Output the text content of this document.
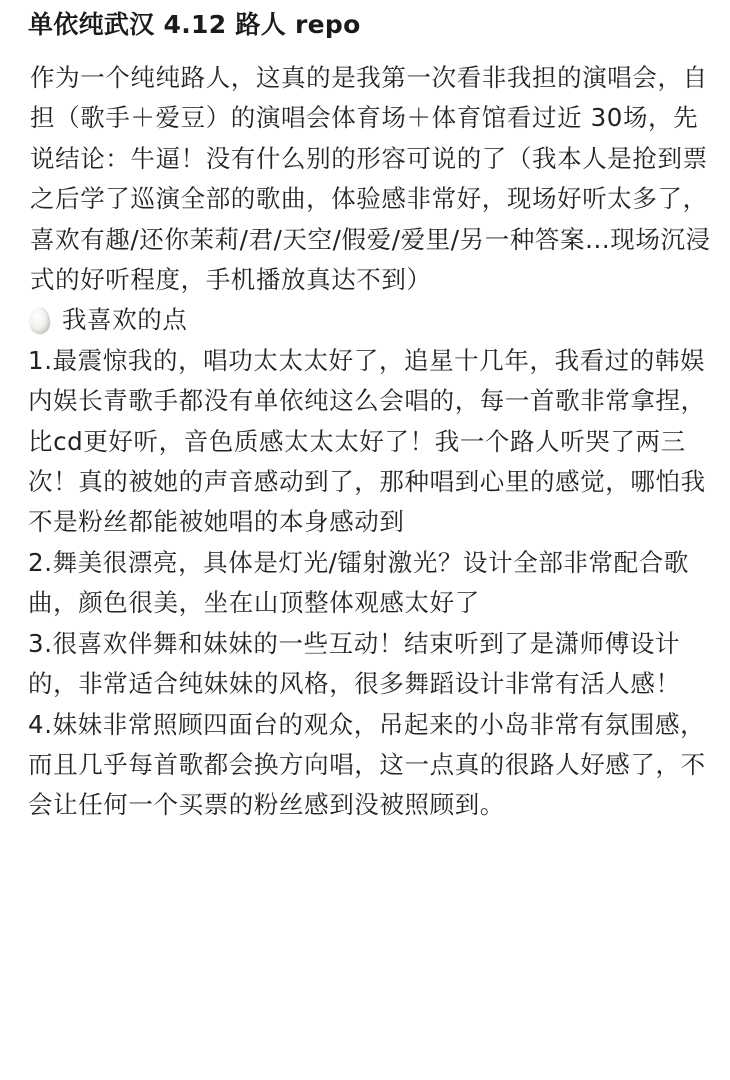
单依纯武汉 4.12 路人 repo

作为一个纯纯路人，这真的是我第一次看非我担的演唱会，自担（歌手＋爱豆）的演唱会体育场＋体育馆看过近 30场，先说结论：牛逼！没有什么别的形容可说的了（我本人是抢到票之后学了巡演全部的歌曲，体验感非常好，现场好听太多了，喜欢有趣/还你茉莉/君/天空/假爱/爱里/另一种答案...现场沉浸式的好听程度，手机播放真达不到）

我喜欢的点

1.最震惊我的，唱功太太太好了，追星十几年，我看过的韩娱内娱长青歌手都没有单依纯这么会唱的，每一首歌非常拿捏，比cd更好听，音色质感太太太好了！我一个路人听哭了两三次！真的被她的声音感动到了，那种唱到心里的感觉，哪怕我不是粉丝都能被她唱的本身感动到

2.舞美很漂亮，具体是灯光/镭射激光？设计全部非常配合歌曲，颜色很美，坐在山顶整体观感太好了

3.很喜欢伴舞和妹妹的一些互动！结束听到了是潇师傅设计的，非常适合纯妹妹的风格，很多舞蹈设计非常有活人感！

4.妹妹非常照顾四面台的观众，吊起来的小岛非常有氛围感，而且几乎每首歌都会换方向唱，这一点真的很路人好感了，不会让任何一个买票的粉丝感到没被照顾到。
